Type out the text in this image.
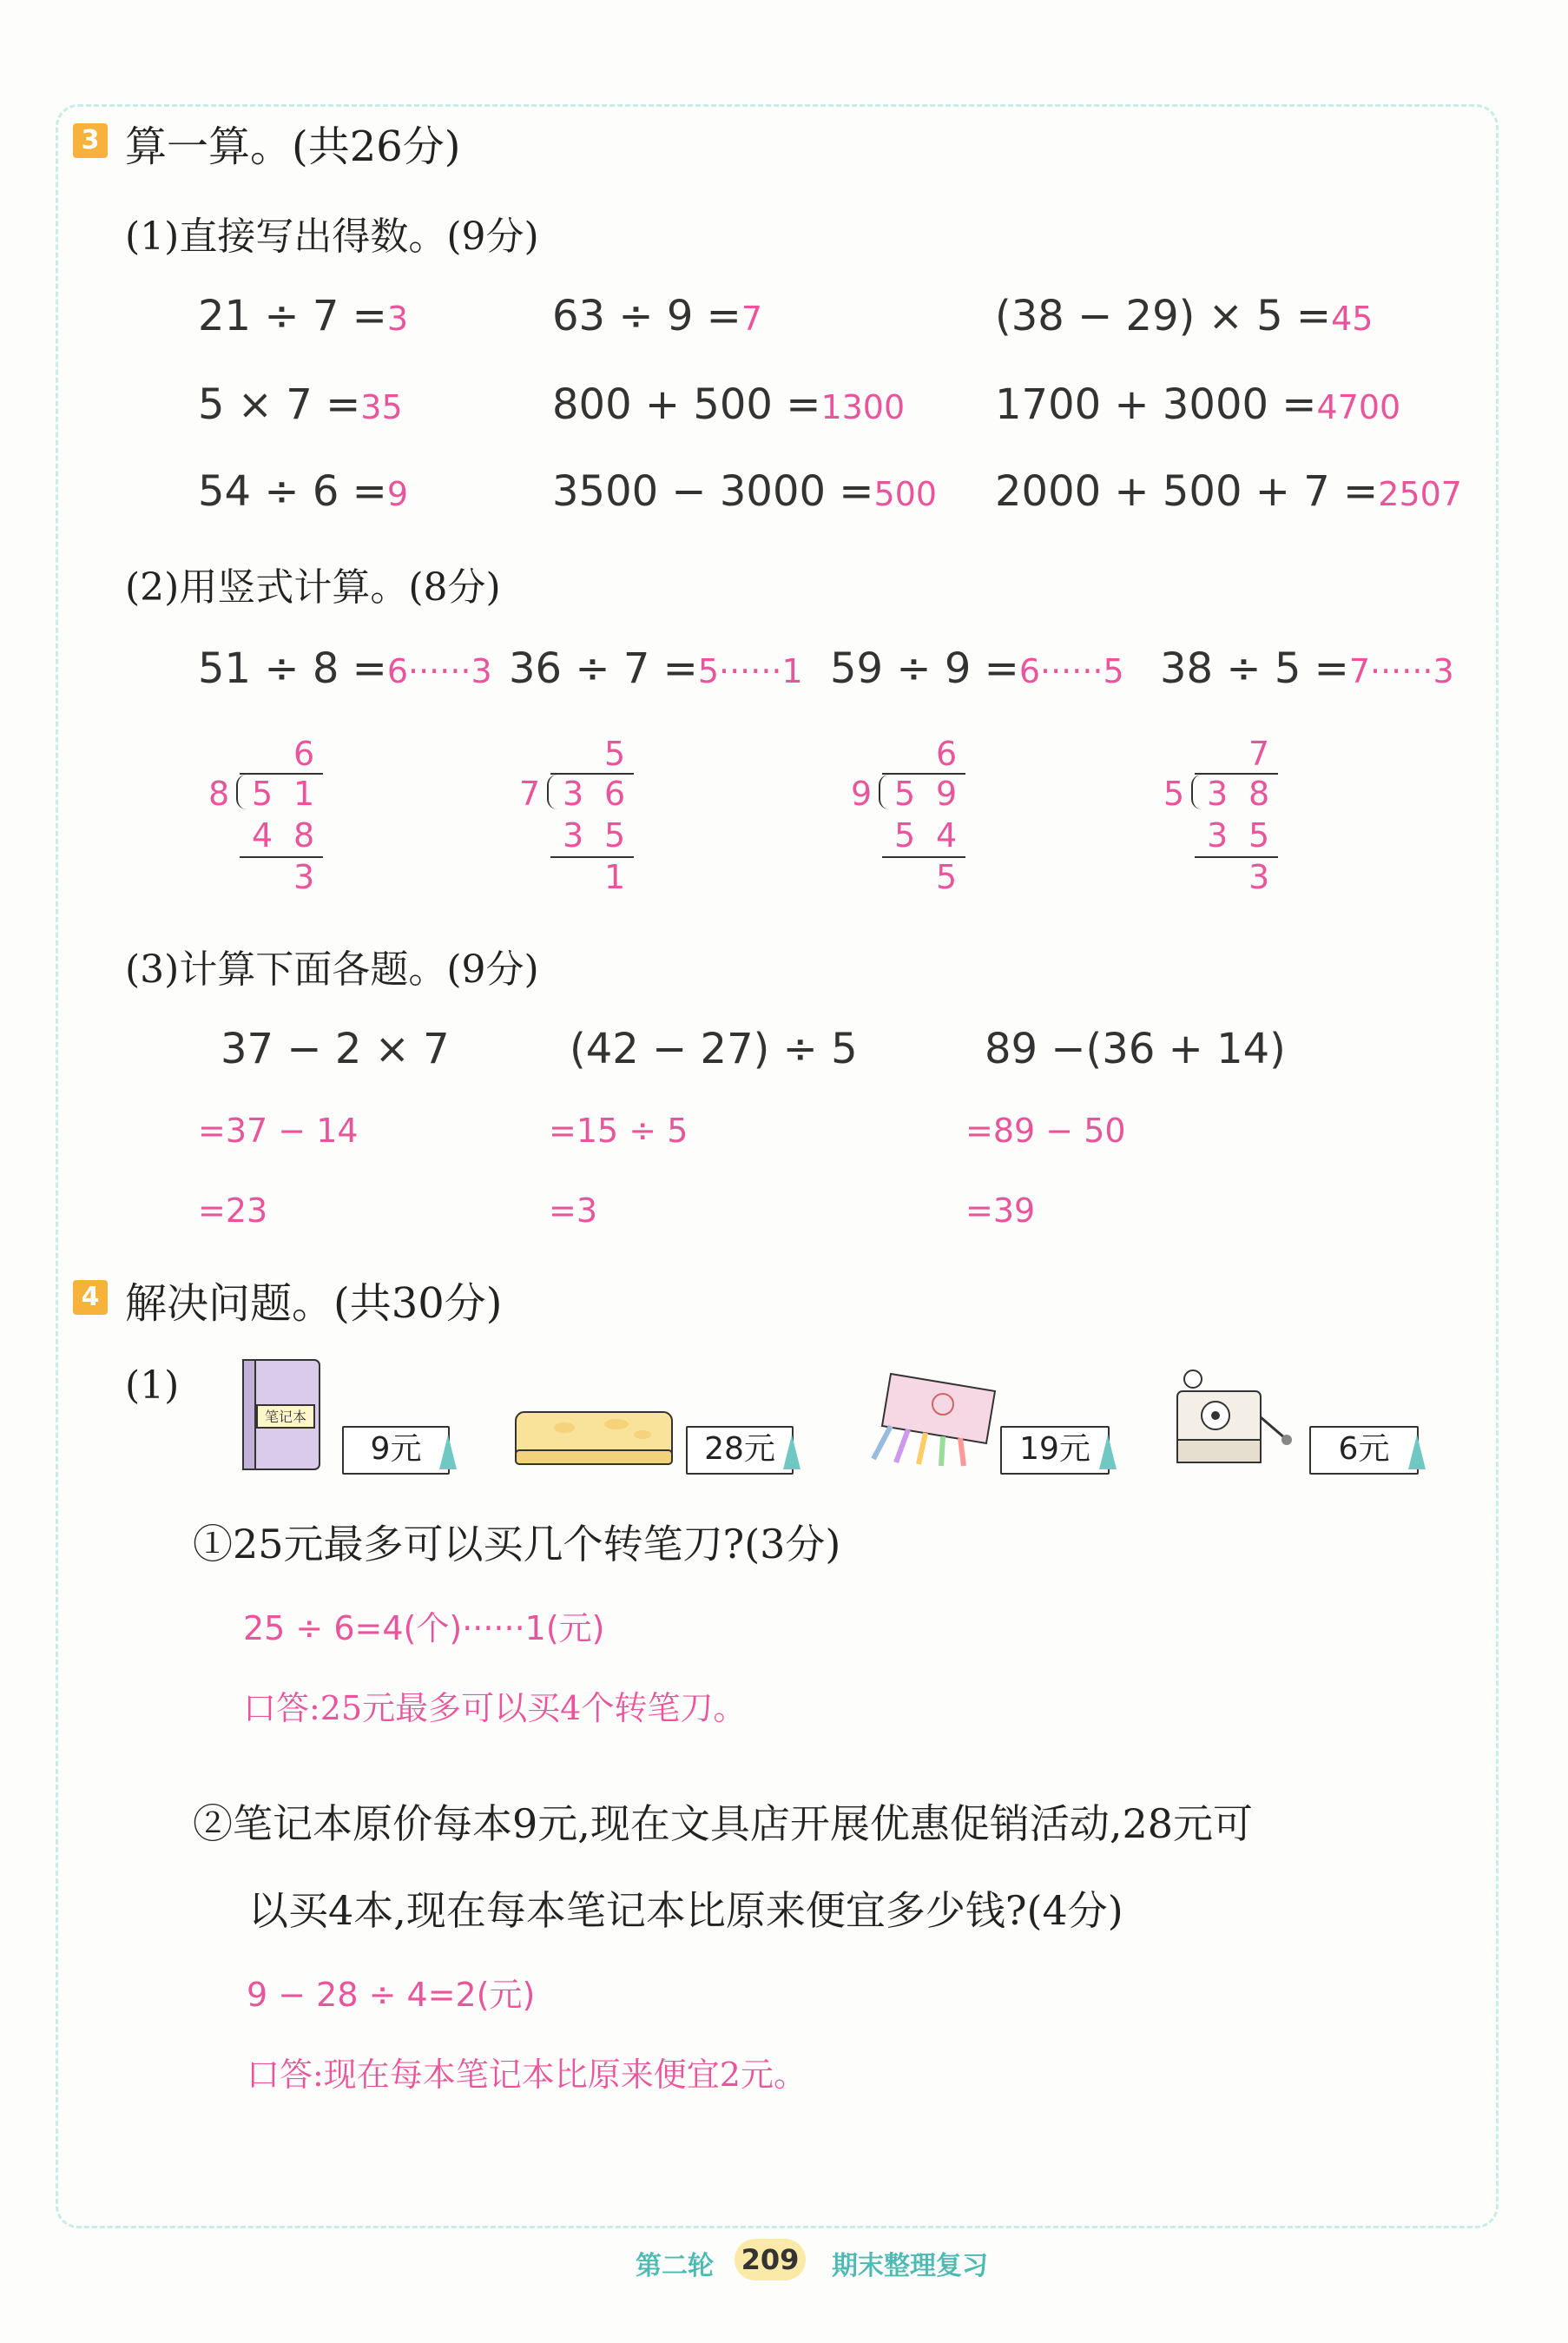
3 算一算。(共26分)
(1)直接写出得数。(9分)
21 ÷ 7 =3	63 ÷ 9 =7	(38 − 29) × 5 =45
5 × 7 =35	800 + 500 =1300 1700 + 3000 =4700
54 ÷ 6 =9	3500 − 3000 =500 2000 + 500 + 7 =2507
(2)用竖式计算。(8分)
51 ÷ 8 =6······3 36 ÷ 7 =5······1 59 ÷ 9 =6······5 38 ÷ 5 =7······3
6
8 5 1
4 8
3
5
7 3 6
3 5
1
6
9 5 9
5 4
5
7
5 3 8
3 5
3
(3)计算下面各题。(9分)
37 − 2 × 7
=37 − 14
=23
(42 − 27) ÷ 5
=15 ÷ 5
=3
89 −(36 + 14)
=89 − 50
=39
4 解决问题。(共30分)
(1)
笔记本
9元	28元	19元	6元
①25元最多可以买几个转笔刀?(3分)
25 ÷ 6=4(个)······1(元)
口答:25元最多可以买4个转笔刀。
②笔记本原价每本9元,现在文具店开展优惠促销活动,28元可
以买4本,现在每本笔记本比原来便宜多少钱?(4分)
9 − 28 ÷ 4=2(元)
口答:现在每本笔记本比原来便宜2元。
第二轮 209 期末整理复习
